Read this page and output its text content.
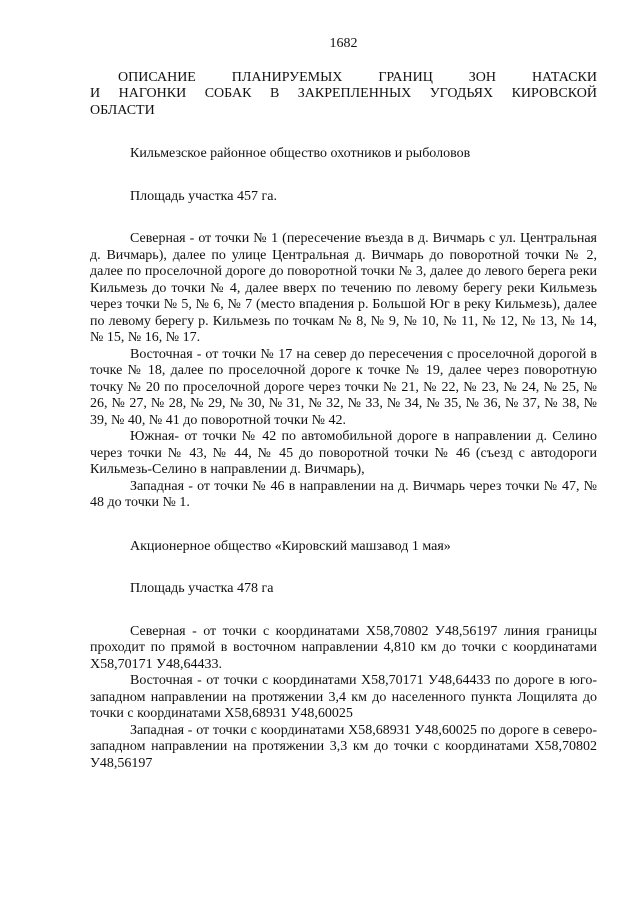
1682

ОПИСАНИЕ ПЛАНИРУЕМЫХ ГРАНИЦ ЗОН НАТАСКИ

И НАГОНКИ СОБАК В ЗАКРЕПЛЕННЫХ УГОДЬЯХ КИРОВСКОЙ

ОБЛАСТИ

Кильмезское районное общество охотников и рыболовов

Площадь участка 457 га.

Северная - от точки № 1 (пересечение въезда в д. Вичмарь с ул. Центральная д. Вичмарь), далее по улице Центральная д. Вичмарь до поворотной точки № 2, далее по проселочной дороге до поворотной точки № 3, далее до левого берега реки Кильмезь до точки № 4, далее вверх по течению по левому берегу реки Кильмезь через точки № 5, № 6, № 7 (место впадения р. Большой Юг в реку Кильмезь), далее по левому берегу р. Кильмезь по точкам № 8, № 9, № 10, № 11, № 12, № 13, № 14, № 15, № 16, № 17.

Восточная - от точки № 17 на север до пересечения с проселочной дорогой в точке № 18, далее по проселочной дороге к точке № 19, далее через поворотную точку № 20 по проселочной дороге через точки № 21, № 22, № 23, № 24, № 25, № 26, № 27, № 28, № 29, № 30, № 31, № 32, № 33, № 34, № 35, № 36, № 37, № 38, № 39, № 40, № 41 до поворотной точки № 42.

Южная- от точки № 42 по автомобильной дороге в направлении д. Селино через точки № 43, № 44, № 45 до поворотной точки № 46 (съезд с автодороги Кильмезь-Селино в направлении д. Вичмарь),

Западная - от точки № 46 в направлении на д. Вичмарь через точки № 47, № 48 до точки № 1.

Акционерное общество «Кировский машзавод 1 мая»

Площадь участка 478 га

Северная - от точки с координатами X58,70802 У48,56197 линия границы проходит по прямой в восточном направлении 4,810 км до точки с координатами X58,70171 У48,64433.

Восточная - от точки с координатами X58,70171 У48,64433 по дороге в юго-западном направлении на протяжении 3,4 км до населенного пункта Лощилята до точки с координатами X58,68931 У48,60025

Западная - от точки с координатами X58,68931 У48,60025 по дороге в северо-западном направлении на протяжении 3,3 км до точки с координатами X58,70802 У48,56197
